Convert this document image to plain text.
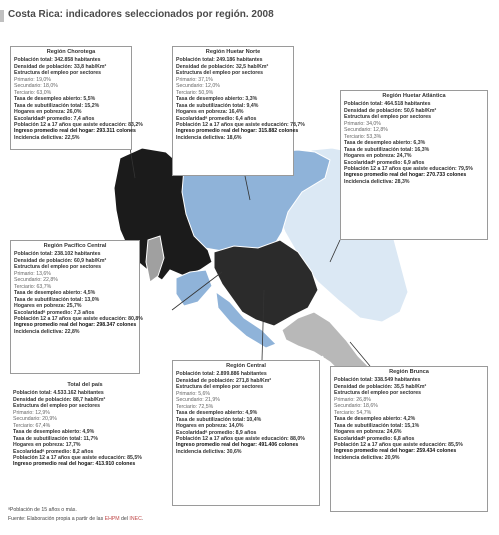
Costa Rica: indicadores seleccionados por región. 2008
Región Chorotega
Población total: 342.858 habitantes
Densidad de población: 33,8 hab/Km²
Estructura del empleo por sectores
Primario: 19,0%
Secundario: 18,0%
Terciario: 63,0%
Tasa de desempleo abierto: 5,5%
Tasa de subutilización total: 15,2%
Hogares en pobreza: 26,0%
Escolaridadᵃ promedio: 7,4 años
Población 12 a 17 años que asiste educación: 83,2%
Ingreso promedio real del hogar: 293.311 colones
Incidencia delictiva: 22,5%
Región Huetar Norte
Población total: 249.186 habitantes
Densidad de población: 32,5 hab/Km²
Estructura del empleo por sectores
Primario: 37,1%
Secundario: 12,0%
Terciario: 50,9%
Tasa de desempleo abierto: 3,3%
Tasa de subutilización total: 9,4%
Hogares en pobreza: 16,4%
Escolaridadᵃ promedio: 6,4 años
Población 12 a 17 años que asiste educación: 78,7%
Ingreso promedio real del hogar: 315.882 colones
Incidencia delictiva: 18,6%
Región Huetar Atlántica
Población total: 464.518 habitantes
Densidad de población: 50,6 hab/Km²
Estructura del empleo por sectores
Primario: 34,0%
Secundario: 12,8%
Terciario: 53,3%
Tasa de desempleo abierto: 6,3%
Tasa de subutilización total: 16,3%
Hogares en pobreza: 24,7%
Escolaridadᵃ promedio: 6,9 años
Población 12 a 17 años que asiste educación: 79,5%
Ingreso promedio real del hogar: 270.733 colones
Incidencia delictiva: 28,3%
Región Pacífico Central
Población total: 238.102 habitantes
Densidad de población: 60,9 hab/Km²
Estructura del empleo por sectores
Primario: 13,6%
Secundario: 22,8%
Terciario: 63,7%
Tasa de desempleo abierto: 4,5%
Tasa de subutilización total: 13,0%
Hogares en pobreza: 25,7%
Escolaridadᵃ promedio: 7,3 años
Población 12 a 17 años que asiste educación: 80,8%
Ingreso promedio real del hogar: 298.347 colones
Incidencia delictiva: 22,8%
Total del país
Población total: 4.533.162 habitantes
Densidad de población: 88,7 hab/Km²
Estructura del empleo por sectores
Primario: 12,9%
Secundario: 20,9%
Terciario: 67,4%
Tasa de desempleo abierto: 4,9%
Tasa de subutilización total: 11,7%
Hogares en pobreza: 17,7%
Escolaridadᵃ promedio: 8,2 años
Población 12 a 17 años que asiste educación: 85,5%
Ingreso promedio real del hogar: 413.910 colones
Región Central
Población total: 2.899.886 habitantes
Densidad de población: 271,8 hab/Km²
Estructura del empleo por sectores
Primario: 5,6%
Secundario: 21,9%
Terciario: 72,5%
Tasa de desempleo abierto: 4,9%
Tasa de subutilización total: 10,4%
Hogares en pobreza: 14,0%
Escolaridadᵃ promedio: 8,9 años
Población 12 a 17 años que asiste educación: 88,0%
Ingreso promedio real del hogar: 491.406 colones
Incidencia delictiva: 30,6%
Región Brunca
Población total: 338.549 habitantes
Densidad de población: 35,5 hab/Km²
Estructura del empleo por sectores
Primario: 26,8%
Secundario: 18,6%
Terciario: 54,7%
Tasa de desempleo abierto: 4,2%
Tasa de subutilización total: 15,1%
Hogares en pobreza: 24,6%
Escolaridadᵃ promedio: 6,8 años
Población 12 a 17 años que asiste educación: 85,5%
Ingreso promedio real del hogar: 259.434 colones
Incidencia delictiva: 20,9%
ᵃPoblación de 15 años o más.
Fuente: Elaboración propia a partir de las EHPM del INEC.
